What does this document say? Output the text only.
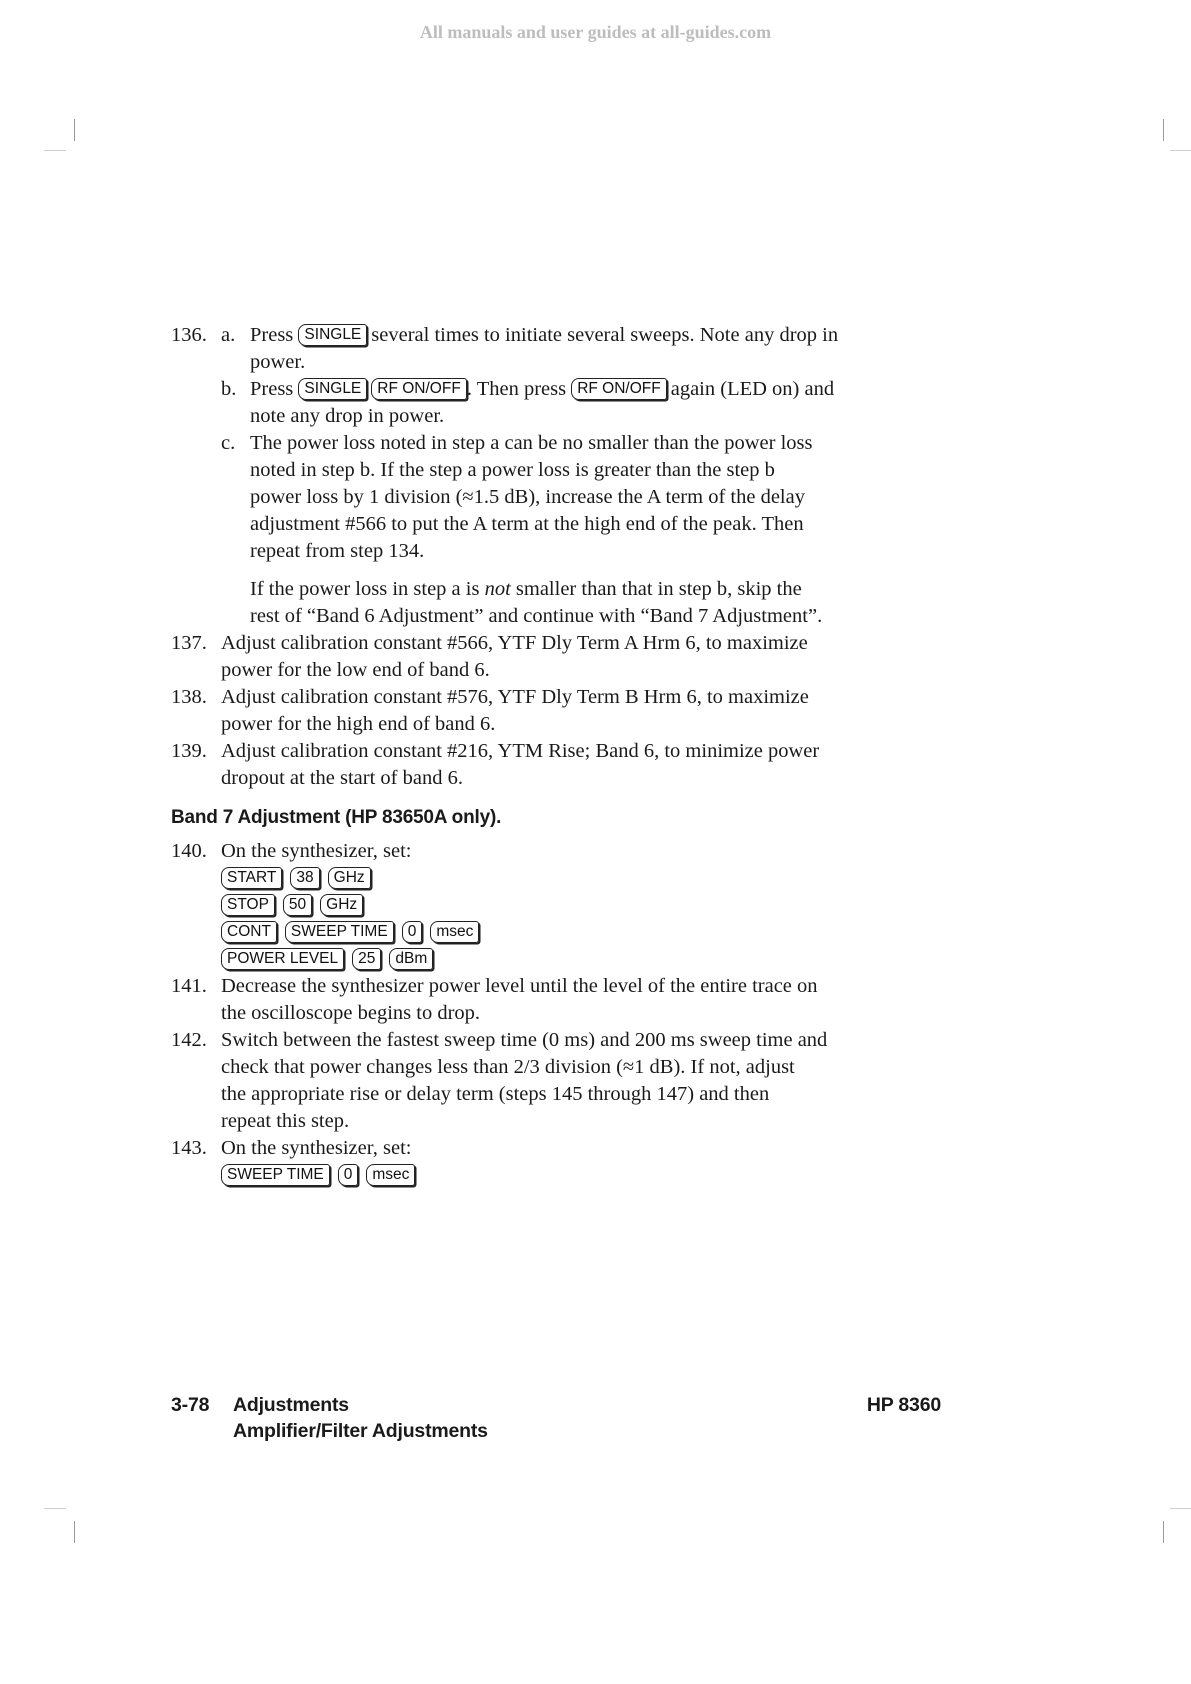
All manuals and user guides at all-guides.com
136. a. Press SINGLE several times to initiate several sweeps. Note any drop in
power.
b. Press SINGLE RF ON/OFF . Then press RF ON/OFF again (LED on) and
note any drop in power.
c. The power loss noted in step a can be no smaller than the power loss
noted in step b. If the step a power loss is greater than the step b
power loss by 1 division (≈1.5 dB), increase the A term of the delay
adjustment #566 to put the A term at the high end of the peak. Then
repeat from step 134.
If the power loss in step a is not smaller than that in step b, skip the
rest of “Band 6 Adjustment” and continue with “Band 7 Adjustment”.
137. Adjust calibration constant #566, YTF Dly Term A Hrm 6, to maximize
power for the low end of band 6.
138. Adjust calibration constant #576, YTF Dly Term B Hrm 6, to maximize
power for the high end of band 6.
139. Adjust calibration constant #216, YTM Rise; Band 6, to minimize power
dropout at the start of band 6.
Band 7 Adjustment (HP 83650A only).
140. On the synthesizer, set:
START	38	GHz
STOP	50	GHz
CONT	SWEEP TIME	0	msec
POWER LEVEL	25	dBm
141. Decrease the synthesizer power level until the level of the entire trace on
the oscilloscope begins to drop.
142. Switch between the fastest sweep time (0 ms) and 200 ms sweep time and
check that power changes less than 2/3 division (≈1 dB). If not, adjust
the appropriate rise or delay term (steps 145 through 147) and then
repeat this step.
143. On the synthesizer, set:
SWEEP TIME	0	msec
3-78 Adjustments
Amplifier/Filter Adjustments
HP 8360
